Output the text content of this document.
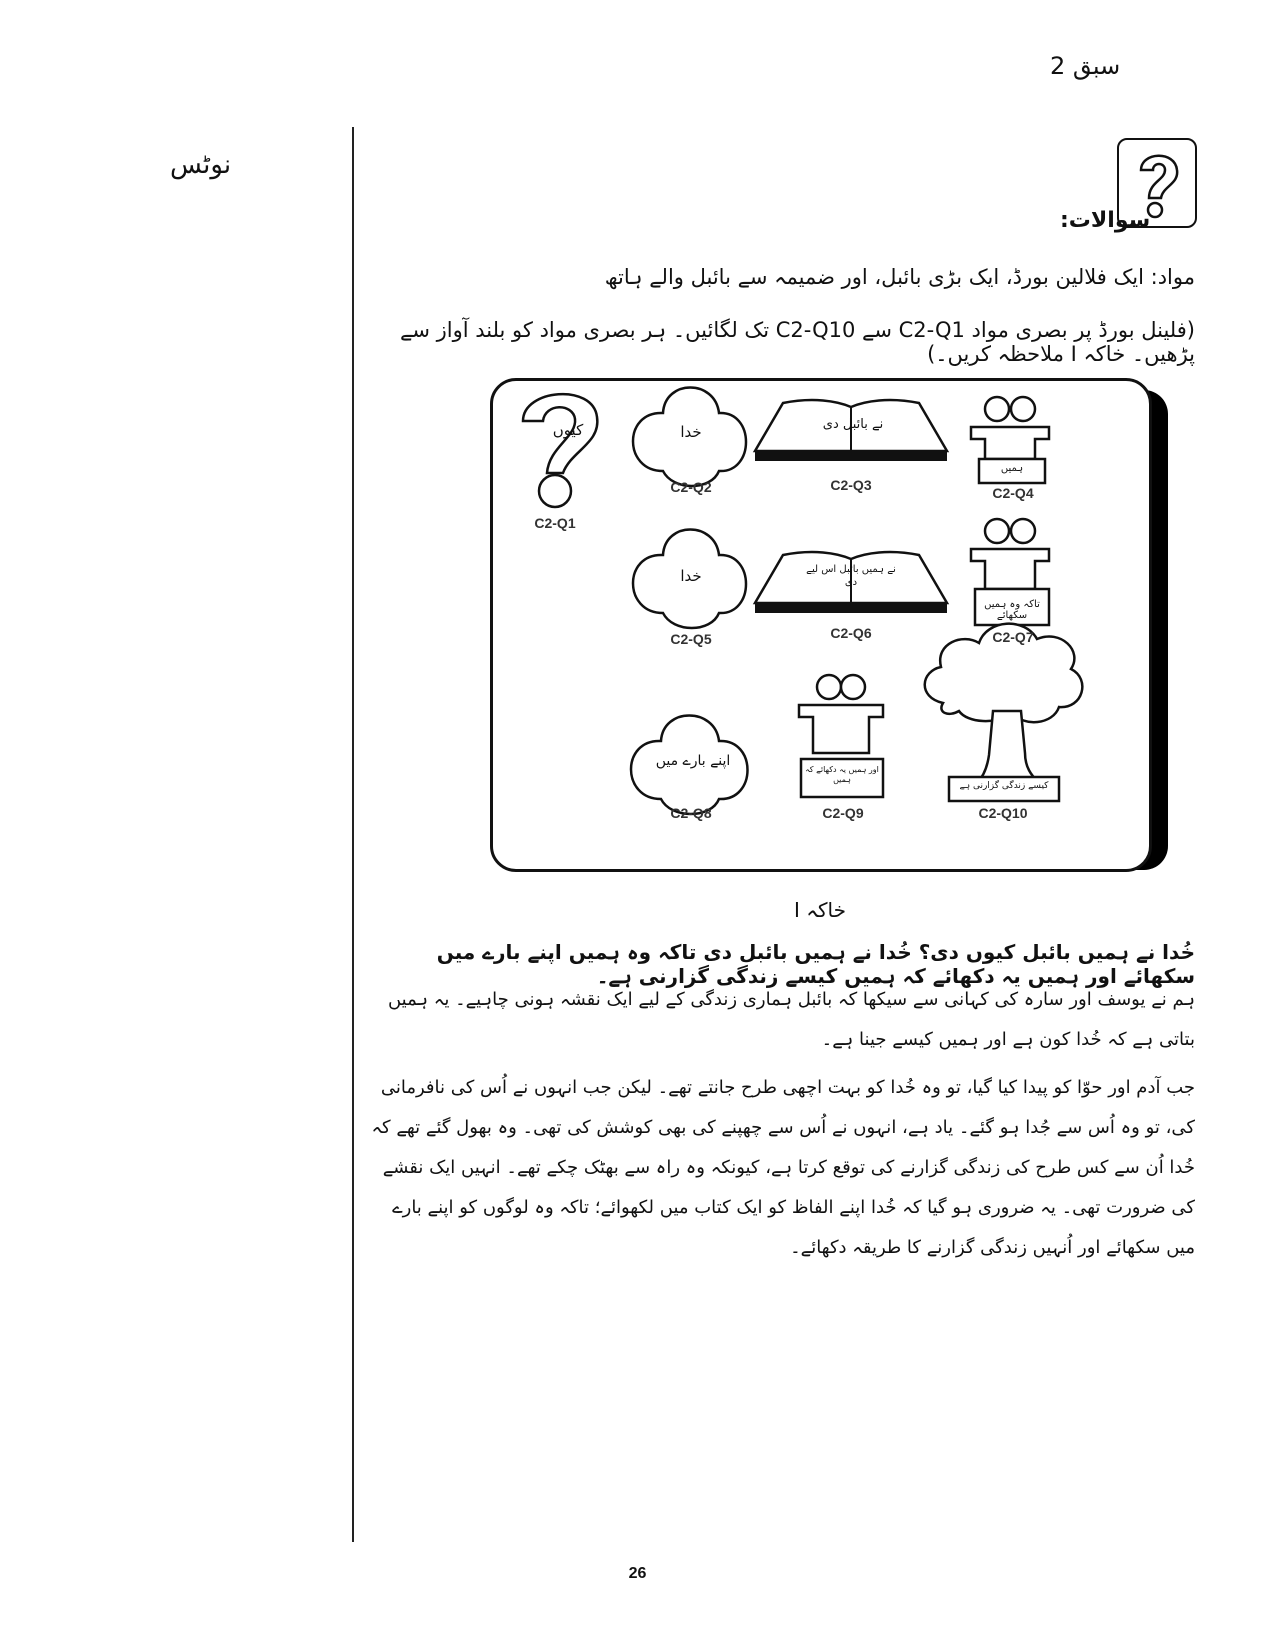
سبق 2
نوٹس
سوالات:
مواد: ایک فلالین بورڈ، ایک بڑی بائبل، اور ضمیمہ سے بائبل والے ہاتھ
(فلینل بورڈ پر بصری مواد C2-Q1 سے C2-Q10 تک لگائیں۔ ہر بصری مواد کو بلند آواز سے پڑھیں۔ خاکہ I ملاحظہ کریں۔)
کیوں	خدا	نے بائبل دی
ہمیں
خدا	نے ہمیں بائبل اس لیے دی
تاکہ وہ ہمیں سکھائے
اپنے بارے میں
اور ہمیں یہ دکھائے کہ ہمیں
کیسے زندگی گزارنی ہے
C2-Q1
C2-Q2	C2-Q3	C2-Q4
C2-Q5	C2-Q6	C2-Q7
C2-Q8	C2-Q9	C2-Q10
خاکہ I
خُدا نے ہمیں بائبل کیوں دی؟ خُدا نے ہمیں بائبل دی تاکہ وہ ہمیں اپنے بارے میں سکھائے اور ہمیں یہ دکھائے کہ ہمیں کیسے زندگی گزارنی ہے۔
ہم نے یوسف اور سارہ کی کہانی سے سیکھا کہ بائبل ہماری زندگی کے لیے ایک نقشہ ہونی چاہیے۔ یہ ہمیں بتاتی ہے کہ خُدا کون ہے اور ہمیں کیسے جینا ہے۔
جب آدم اور حوّا کو پیدا کیا گیا، تو وہ خُدا کو بہت اچھی طرح جانتے تھے۔ لیکن جب انہوں نے اُس کی نافرمانی کی، تو وہ اُس سے جُدا ہو گئے۔ یاد ہے، انہوں نے اُس سے چھپنے کی بھی کوشش کی تھی۔ وہ بھول گئے تھے کہ خُدا اُن سے کس طرح کی زندگی گزارنے کی توقع کرتا ہے، کیونکہ وہ راہ سے بھٹک چکے تھے۔ انہیں ایک نقشے کی ضرورت تھی۔ یہ ضروری ہو گیا کہ خُدا اپنے الفاظ کو ایک کتاب میں لکھوائے؛ تاکہ وہ لوگوں کو اپنے بارے میں سکھائے اور اُنہیں زندگی گزارنے کا طریقہ دکھائے۔
26
